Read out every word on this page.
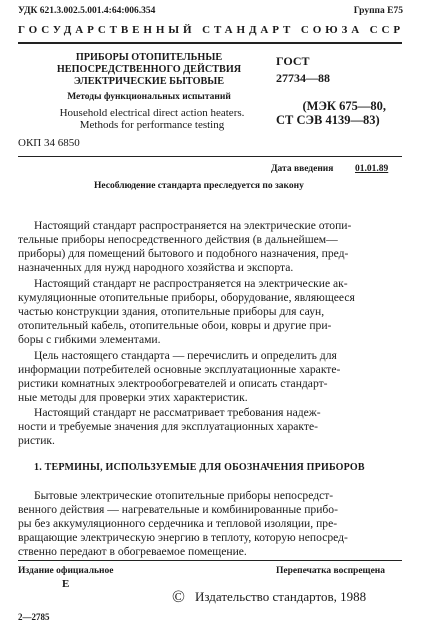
УДК 621.3.002.5.001.4:64:006.354	Группа Е75
ГОСУДАРСТВЕННЫЙ СТАНДАРТ СОЮЗА ССР
ПРИБОРЫ ОТОПИТЕЛЬНЫЕ
НЕПОСРЕДСТВЕННОГО ДЕЙСТВИЯ
ЭЛЕКТРИЧЕСКИЕ БЫТОВЫЕ
Методы функциональных испытаний
Household electrical direct action heaters.
Methods for performance testing
ОКП 34 6850
ГОСТ
27734—88
(МЭК 675—80,
СТ СЭВ 4139—83)
Дата введения 01.01.89
Несоблюдение стандарта преследуется по закону
Настоящий стандарт распространяется на электрические отопи-
тельные приборы непосредственного действия (в дальнейшем—
приборы) для помещений бытового и подобного назначения, пред-
назначенных для нужд народного хозяйства и экспорта.
Настоящий стандарт не распространяется на электрические ак-
кумуляционные отопительные приборы, оборудование, являющееся
частью конструкции здания, отопительные приборы для саун,
отопительный кабель, отопительные обои, ковры и другие при-
боры с гибкими элементами.
Цель настоящего стандарта — перечислить и определить для
информации потребителей основные эксплуатационные характе-
ристики комнатных электрообогревателей и описать стандарт-
ные методы для проверки этих характеристик.
Настоящий стандарт не рассматривает требования надеж-
ности и требуемые значения для эксплуатационных характе-
ристик.
1. ТЕРМИНЫ, ИСПОЛЬЗУЕМЫЕ ДЛЯ ОБОЗНАЧЕНИЯ ПРИБОРОВ
Бытовые электрические отопительные приборы непосредст-
венного действия — нагревательные и комбинированные прибо-
ры без аккумуляционного сердечника и тепловой изоляции, пре-
вращающие электрическую энергию в теплоту, которую непосред-
ственно передают в обогреваемое помещение.
Издание официальное	Перепечатка воспрещена
Е
© Издательство стандартов, 1988
2—2785
